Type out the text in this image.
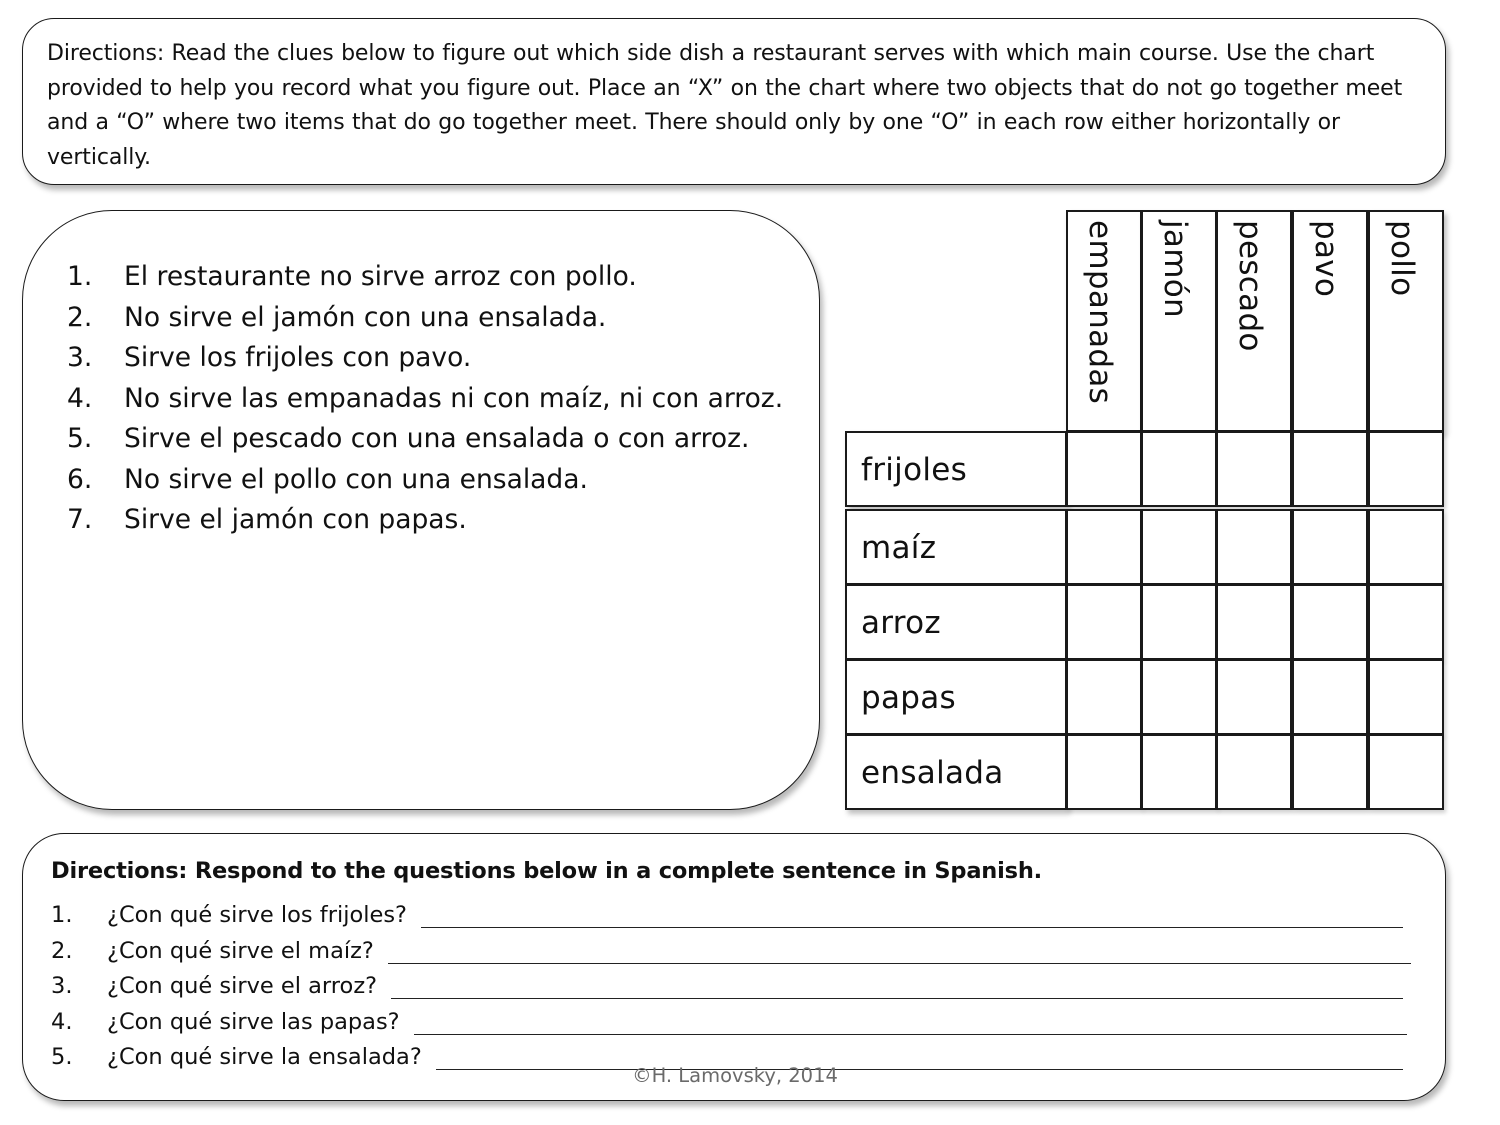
Directions: Read the clues below to figure out which side dish a restaurant serves with which main course. Use the chart provided to help you record what you figure out. Place an “X” on the chart where two objects that do not go together meet and a “O” where two items that do go together meet. There should only by one “O” in each row either horizontally or vertically.
1.	El restaurante no sirve arroz con pollo.
2.	No sirve el jamón con una ensalada.
3.	Sirve los frijoles con pavo.
4.	No sirve las empanadas ni con maíz, ni con arroz.
5.	Sirve el pescado con una ensalada o con arroz.
6.	No sirve el pollo con una ensalada.
7.	Sirve el jamón con papas.
empanadas jamón pescado pavo pollo
frijoles
maíz
arroz
papas
ensalada
Directions: Respond to the questions below in a complete sentence in Spanish.
1.	¿Con qué sirve los frijoles?
2.	¿Con qué sirve el maíz?
3.	¿Con qué sirve el arroz?
4.	¿Con qué sirve las papas?
5.	¿Con qué sirve la ensalada?
©H. Lamovsky, 2014
